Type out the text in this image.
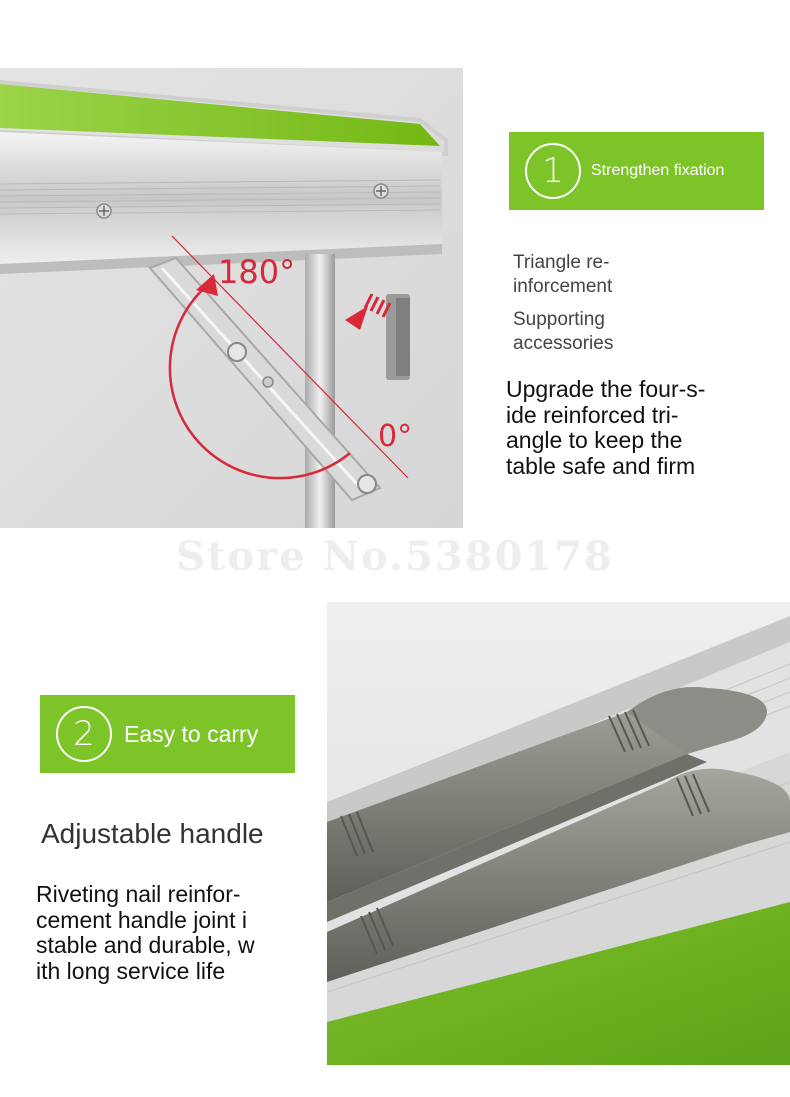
180°
0°
1	Strengthen fixation
Triangle re-
inforcement
Supporting
accessories
Upgrade the four-s-
ide reinforced tri-
angle to keep the
table safe and firm
Store No.5380178
2	Easy to carry
Adjustable handle
Riveting nail reinfor-
cement handle joint i
stable and durable, w
ith long service life
